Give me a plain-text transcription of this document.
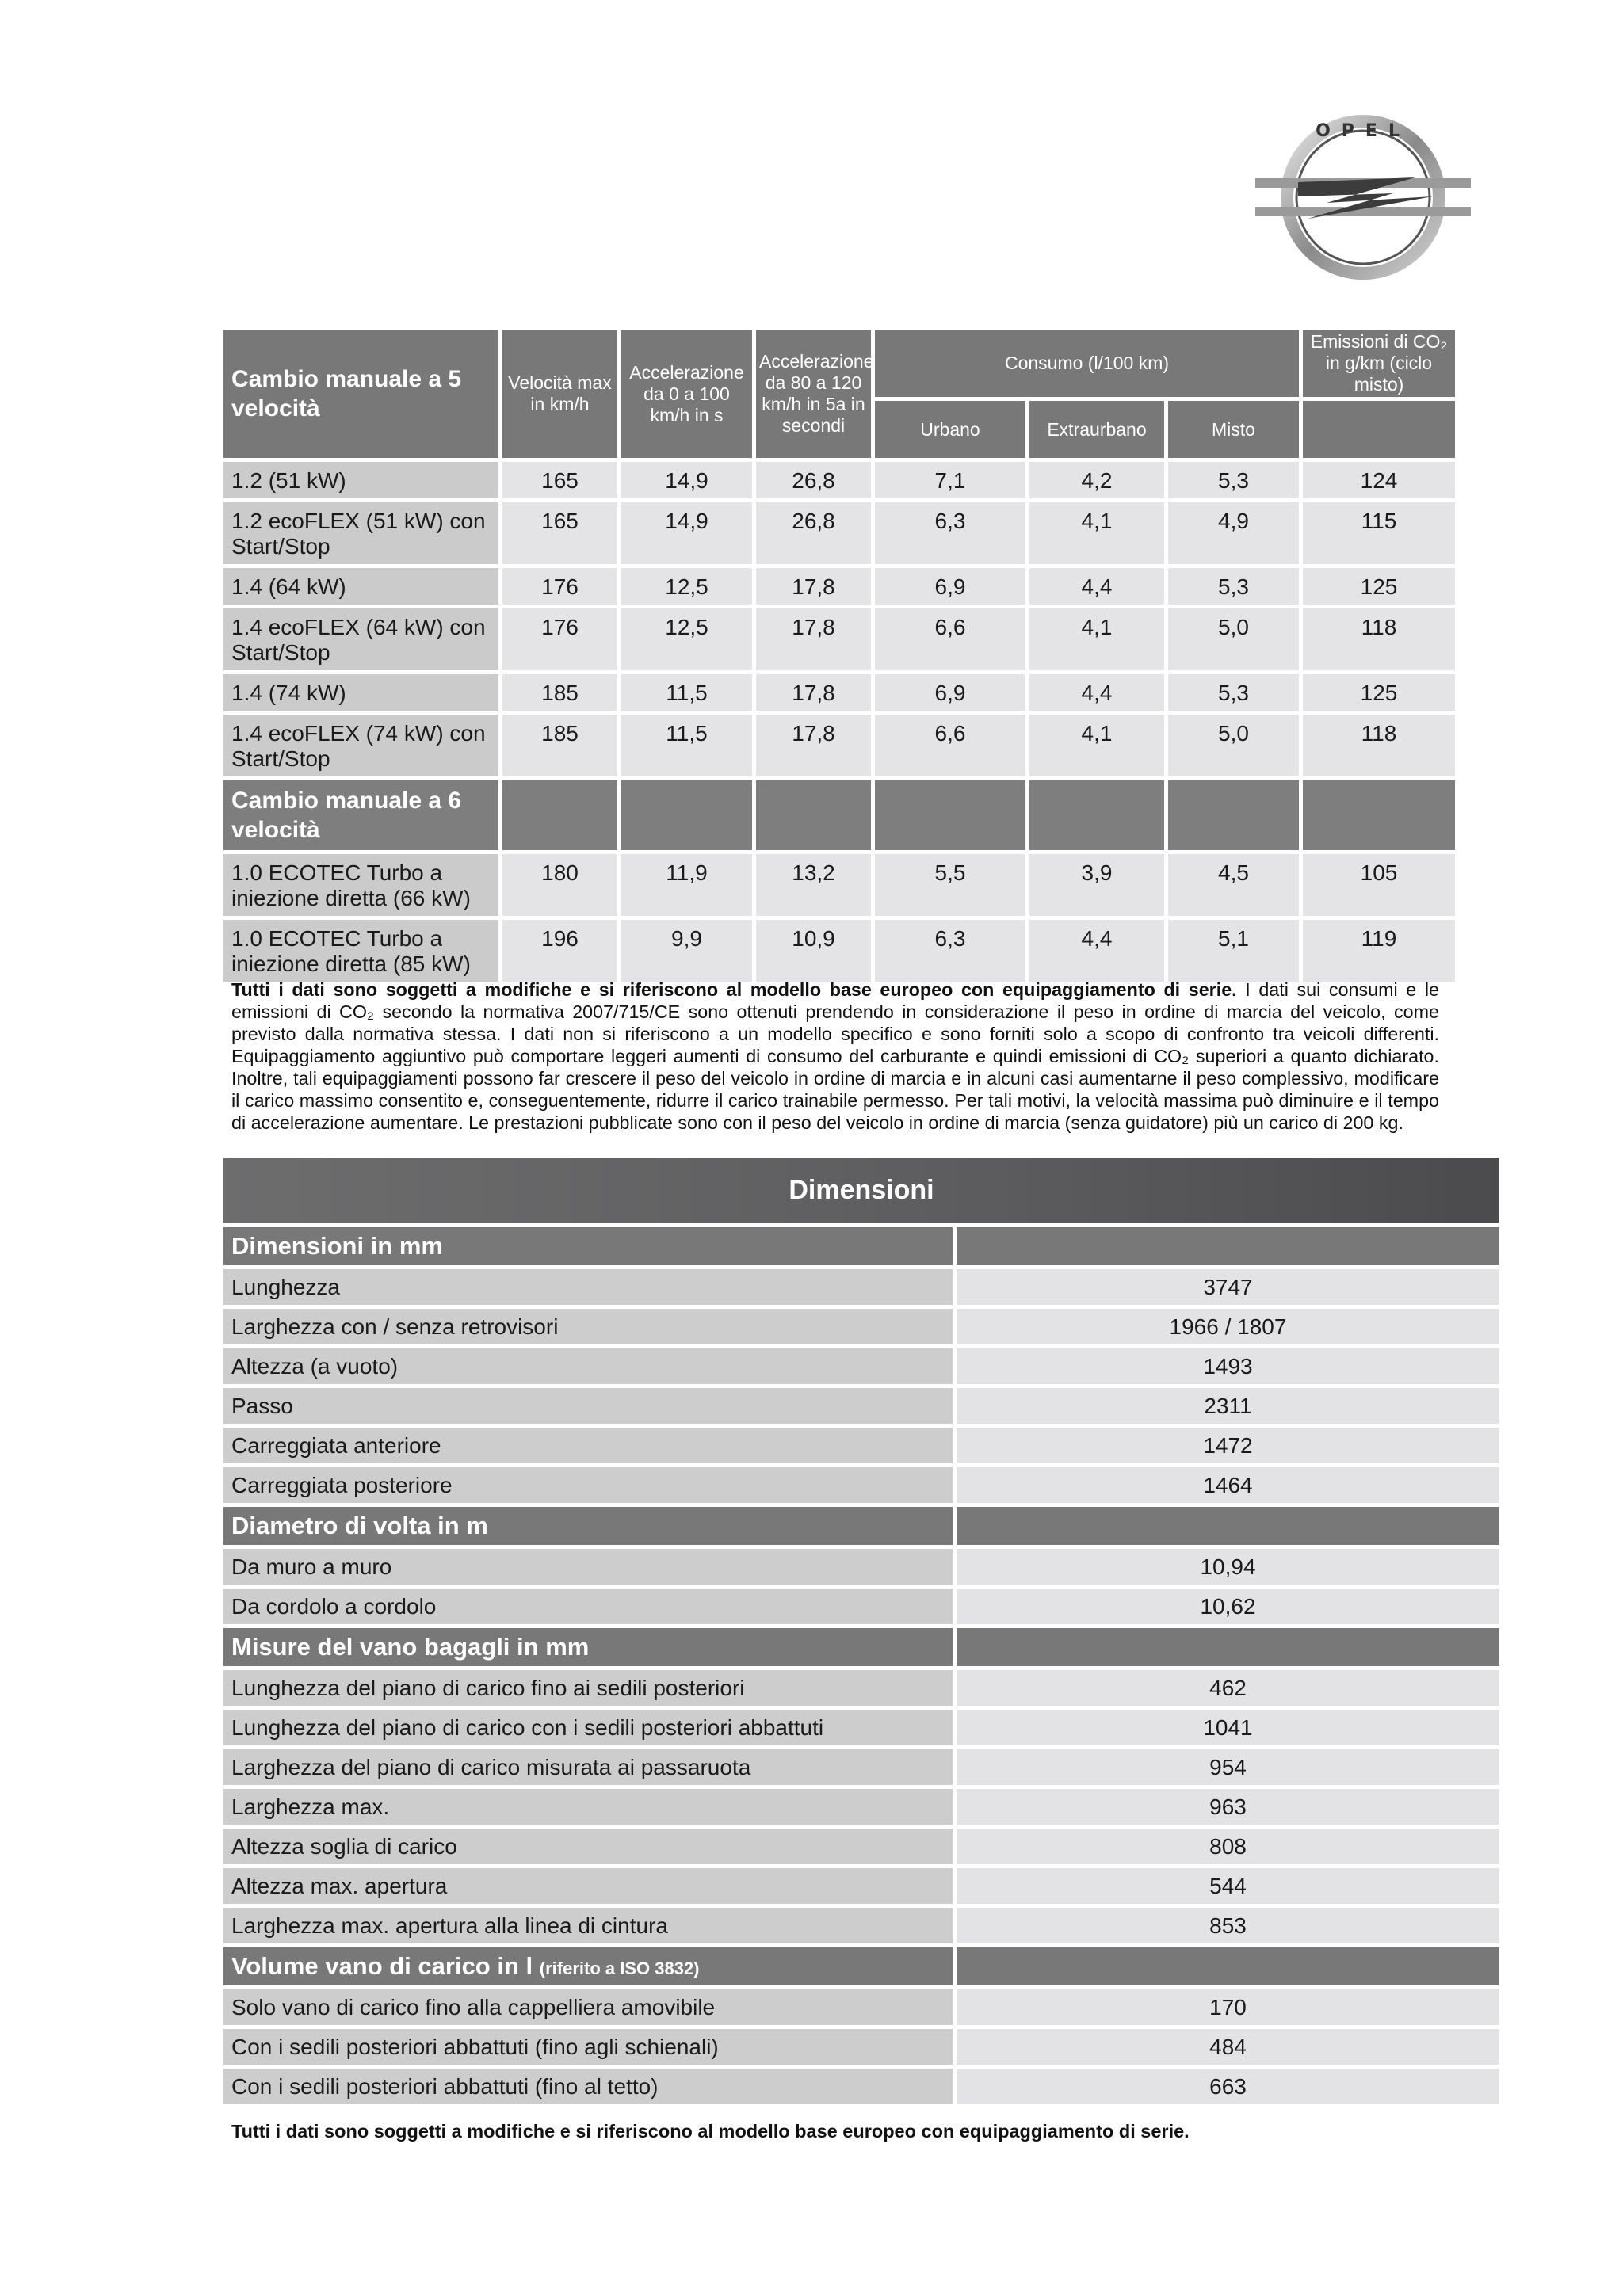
OPEL
Cambio manuale a 5 velocità	Velocità max in km/h	Accelerazione da 0 a 100 km/h in s	Accelerazione da 80 a 120 km/h in 5a in secondi	Consumo (l/100 km)			Emissioni di CO₂ in g/km (ciclo misto)
				Urbano	Extraurbano	Misto	
1.2 (51 kW)	165	14,9	26,8	7,1	4,2	5,3	124
1.2 ecoFLEX (51 kW) con Start/Stop	165	14,9	26,8	6,3	4,1	4,9	115
1.4 (64 kW)	176	12,5	17,8	6,9	4,4	5,3	125
1.4 ecoFLEX (64 kW) con Start/Stop	176	12,5	17,8	6,6	4,1	5,0	118
1.4 (74 kW)	185	11,5	17,8	6,9	4,4	5,3	125
1.4 ecoFLEX (74 kW) con Start/Stop	185	11,5	17,8	6,6	4,1	5,0	118
Cambio manuale a 6 velocità							
1.0 ECOTEC Turbo a iniezione diretta (66 kW)	180	11,9	13,2	5,5	3,9	4,5	105
1.0 ECOTEC Turbo a iniezione diretta (85 kW)	196	9,9	10,9	6,3	4,4	5,1	119
Tutti i dati sono soggetti a modifiche e si riferiscono al modello base europeo con equipaggiamento di serie. I dati sui consumi e le emissioni di CO₂ secondo la normativa 2007/715/CE sono ottenuti prendendo in considerazione il peso in ordine di marcia del veicolo, come previsto dalla normativa stessa. I dati non si riferiscono a un modello specifico e sono forniti solo a scopo di confronto tra veicoli differenti. Equipaggiamento aggiuntivo può comportare leggeri aumenti di consumo del carburante e quindi emissioni di CO₂ superiori a quanto dichiarato. Inoltre, tali equipaggiamenti possono far crescere il peso del veicolo in ordine di marcia e in alcuni casi aumentarne il peso complessivo, modificare il carico massimo consentito e, conseguentemente, ridurre il carico trainabile permesso. Per tali motivi, la velocità massima può diminuire e il tempo di accelerazione aumentare. Le prestazioni pubblicate sono con il peso del veicolo in ordine di marcia (senza guidatore) più un carico di 200 kg.
Dimensioni
Dimensioni in mm	
Lunghezza	3747
Larghezza con / senza retrovisori	1966 / 1807
Altezza (a vuoto)	1493
Passo	2311
Carreggiata anteriore	1472
Carreggiata posteriore	1464
Diametro di volta in m	
Da muro a muro	10,94
Da cordolo a cordolo	10,62
Misure del vano bagagli in mm	
Lunghezza del piano di carico fino ai sedili posteriori	462
Lunghezza del piano di carico con i sedili posteriori abbattuti	1041
Larghezza del piano di carico misurata ai passaruota	954
Larghezza max.	963
Altezza soglia di carico	808
Altezza max. apertura	544
Larghezza max. apertura alla linea di cintura	853
Volume vano di carico in l (riferito a ISO 3832)	
Solo vano di carico fino alla cappelliera amovibile	170
Con i sedili posteriori abbattuti (fino agli schienali)	484
Con i sedili posteriori abbattuti (fino al tetto)	663
Tutti i dati sono soggetti a modifiche e si riferiscono al modello base europeo con equipaggiamento di serie.
